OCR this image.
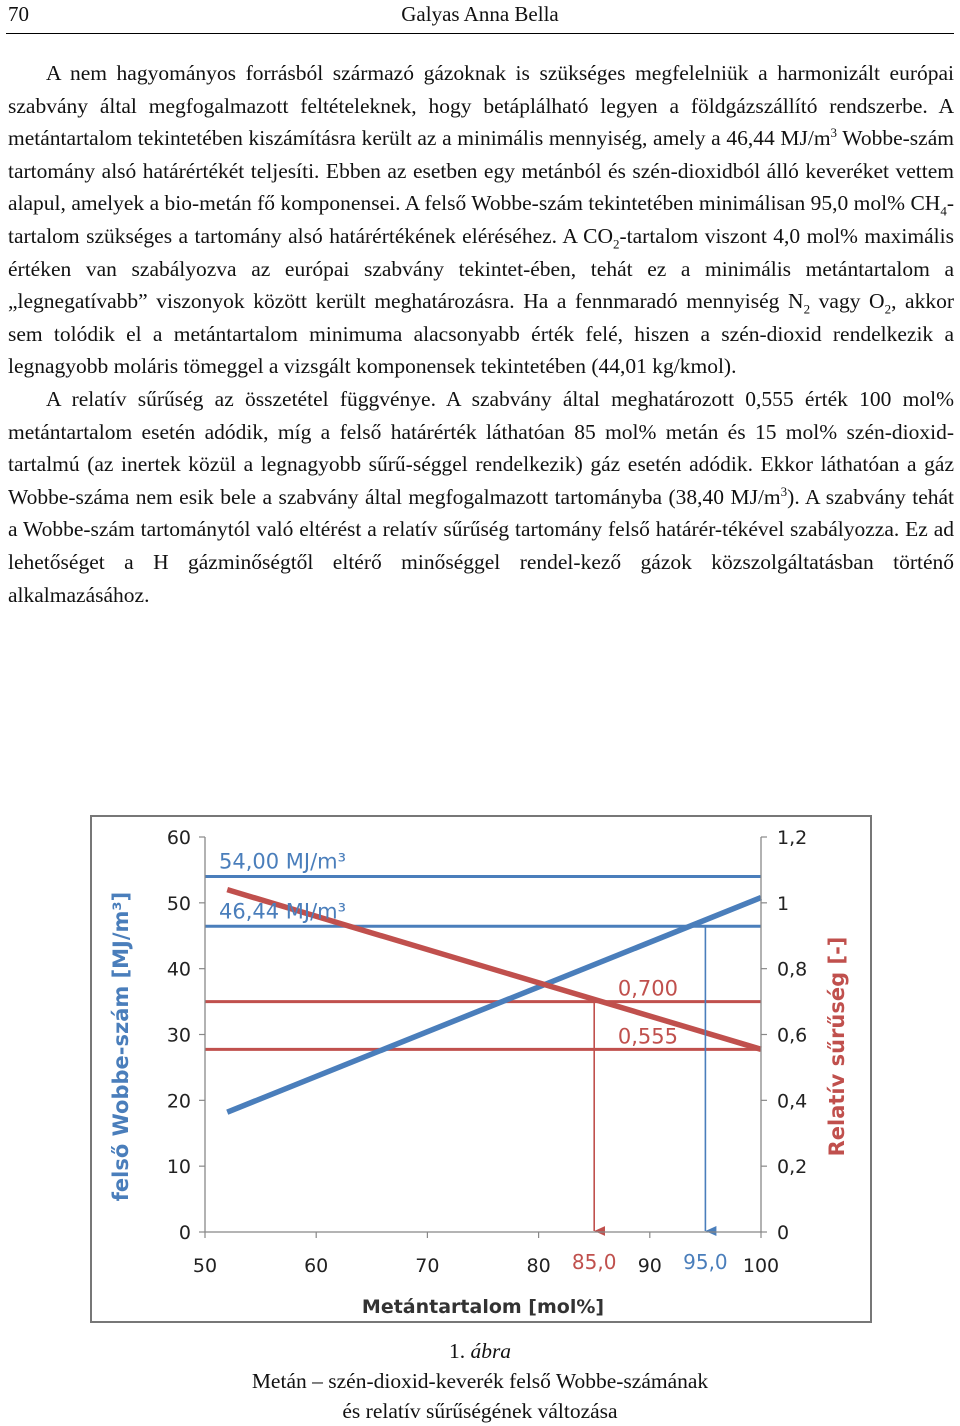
70	Galyas Anna Bella

A nem hagyományos forrásból származó gázoknak is szükséges megfelelniük a harmonizált európai szabvány által megfogalmazott feltételeknek, hogy betáplálható legyen a földgázszállító rendszerbe. A metántartalom tekintetében kiszámításra került az a minimális mennyiség, amely a 46,44 $MJ/m^3$ Wobbe-szám tartomány alsó határértékét teljesíti. Ebben az esetben egy metánból és szén-dioxidból álló keveréket vettem alapul, amelyek a bio-metán fő komponensei. A felső Wobbe-szám tekintetében minimálisan 95,0 mol% $CH_4$-tartalom szükséges a tartomány alsó határértékének eléréséhez. A $CO_2$-tartalom viszont 4,0 mol% maximális értéken van szabályozva az európai szabvány tekintet-ében, tehát ez a minimális metántartalom a „legnegatívabb” viszonyok között került meghatározásra. Ha a fennmaradó mennyiség $N_2$ vagy $O_2$, akkor sem tolódik el a metántartalom minimuma alacsonyabb érték felé, hiszen a szén-dioxid rendelkezik a legnagyobb moláris tömeggel a vizsgált komponensek tekintetében (44,01 kg/kmol).

A relatív sűrűség az összetétel függvénye. A szabvány által meghatározott 0,555 érték 100 mol% metántartalom esetén adódik, míg a felső határérték láthatóan 85 mol% metán és 15 mol% szén-dioxid-tartalmú (az inertek közül a legnagyobb sűrű-séggel rendelkezik) gáz esetén adódik. Ekkor láthatóan a gáz Wobbe-száma nem esik bele a szabvány által megfogalmazott tartományba (38,40 $MJ/m^3$). A szabvány tehát a Wobbe-szám tartománytól való eltérést a relatív sűrűség tartomány felső határér-tékével szabályozza. Ez ad lehetőséget a H gázminőségtől eltérő minőséggel rendel-kező gázok közszolgáltatásban történő alkalmazásához.

85,0	95,0
0
10
20
30
40
50
60
0
0,2
0,4
0,6
0,8
1
1,2
50	60	70	80	90	100
54,00 MJ/m³
46,44 MJ/m³
0,700
0,555
Metántartalom [mol%]
felső Wobbe-szám [MJ/m³]	Relatív sűrűség [-]
1. ábra
Metán – szén-dioxid-keverék felső Wobbe-számának
és relatív sűrűségének változása
